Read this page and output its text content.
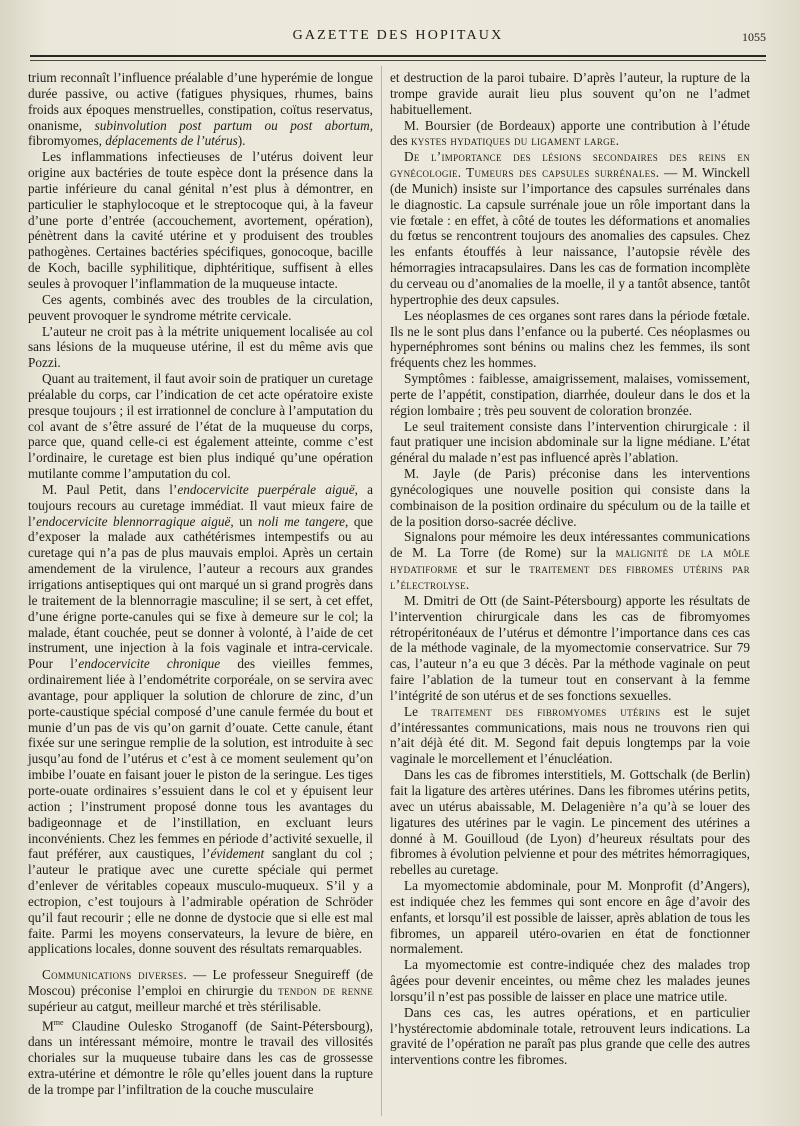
GAZETTE DES HOPITAUX	1055

trium reconnaît l’influence préalable d’une hyperémie de longue durée passive, ou active (fatigues physiques, rhumes, bains froids aux époques menstruelles, constipation, coïtus reservatus, onanisme, subinvolution post partum ou post abortum, fibromyomes, déplacements de l’utérus).

Les inflammations infectieuses de l’utérus doivent leur origine aux bactéries de toute espèce dont la présence dans la partie inférieure du canal génital n’est plus à démontrer, en particulier le staphylocoque et le streptocoque qui, à la faveur d’une porte d’entrée (accouchement, avortement, opération), pénètrent dans la cavité utérine et y produisent des troubles pathogènes. Certaines bactéries spécifiques, gonocoque, bacille de Koch, bacille syphilitique, diphtéritique, suffisent à elles seules à provoquer l’inflammation de la muqueuse intacte.

Ces agents, combinés avec des troubles de la circulation, peuvent provoquer le syndrome métrite cervicale.

L’auteur ne croit pas à la métrite uniquement localisée au col sans lésions de la muqueuse utérine, il est du même avis que Pozzi.

Quant au traitement, il faut avoir soin de pratiquer un curetage préalable du corps, car l’indication de cet acte opératoire existe presque toujours ; il est irrationnel de conclure à l’amputation du col avant de s’être assuré de l’état de la muqueuse du corps, parce que, quand celle-ci est également atteinte, comme c’est l’ordinaire, le curetage est bien plus indiqué qu’une opération mutilante comme l’amputation du col.

M. Paul Petit, dans l’endocervicite puerpérale aiguë, a toujours recours au curetage immédiat. Il vaut mieux faire de l’endocervicite blennorragique aiguë, un noli me tangere, que d’exposer la malade aux cathétérismes intempestifs ou au curetage qui n’a pas de plus mauvais emploi. Après un certain amendement de la virulence, l’auteur a recours aux grandes irrigations antiseptiques qui ont marqué un si grand progrès dans le traitement de la blennorragie masculine; il se sert, à cet effet, d’une érigne porte-canules qui se fixe à demeure sur le col; la malade, étant couchée, peut se donner à volonté, à l’aide de cet instrument, une injection à la fois vaginale et intra-cervicale. Pour l’endocervicite chronique des vieilles femmes, ordinairement liée à l’endométrite corporéale, on se servira avec avantage, pour appliquer la solution de chlorure de zinc, d’un porte-caustique spécial composé d’une canule fermée du bout et munie d’un pas de vis qu’on garnit d’ouate. Cette canule, étant fixée sur une seringue remplie de la solution, est introduite à sec jusqu’au fond de l’utérus et c’est à ce moment seulement qu’on imbibe l’ouate en faisant jouer le piston de la seringue. Les tiges porte-ouate ordinaires s’essuient dans le col et y épuisent leur action ; l’instrument proposé donne tous les avantages du badigeonnage et de l’instillation, en excluant leurs inconvénients. Chez les femmes en période d’activité sexuelle, il faut préférer, aux caustiques, l’évidement sanglant du col ; l’auteur le pratique avec une curette spéciale qui permet d’enlever de véritables copeaux musculo-muqueux. S’il y a ectropion, c’est toujours à l’admirable opération de Schröder qu’il faut recourir ; elle ne donne de dystocie que si elle est mal faite. Parmi les moyens conservateurs, la levure de bière, en applications locales, donne souvent des résultats remarquables.

Communications diverses. — Le professeur Sneguireff (de Moscou) préconise l’emploi en chirurgie du tendon de renne supérieur au catgut, meilleur marché et très stérilisable.

$M^{me}$ Claudine Oulesko Stroganoff (de Saint-Pétersbourg), dans un intéressant mémoire, montre le travail des villosités choriales sur la muqueuse tubaire dans les cas de grossesse extra-utérine et démontre le rôle qu’elles jouent dans la rupture de la trompe par l’infiltration de la couche musculaire

et destruction de la paroi tubaire. D’après l’auteur, la rupture de la trompe gravide aurait lieu plus souvent qu’on ne l’admet habituellement.

M. Boursier (de Bordeaux) apporte une contribution à l’étude des kystes hydatiques du ligament large.

De l’importance des lésions secondaires des reins en gynécologie. Tumeurs des capsules surrénales. — M. Winckell (de Munich) insiste sur l’importance des capsules surrénales dans le diagnostic. La capsule surrénale joue un rôle important dans la vie fœtale : en effet, à côté de toutes les déformations et anomalies du fœtus se rencontrent toujours des anomalies des capsules. Chez les enfants étouffés à leur naissance, l’autopsie révèle des hémorragies intracapsulaires. Dans les cas de formation incomplète du cerveau ou d’anomalies de la moelle, il y a tantôt absence, tantôt hypertrophie des deux capsules.

Les néoplasmes de ces organes sont rares dans la période fœtale. Ils ne le sont plus dans l’enfance ou la puberté. Ces néoplasmes ou hypernéphromes sont bénins ou malins chez les femmes, ils sont fréquents chez les hommes.

Symptômes : faiblesse, amaigrissement, malaises, vomissement, perte de l’appétit, constipation, diarrhée, douleur dans le dos et la région lombaire ; très peu souvent de coloration bronzée.

Le seul traitement consiste dans l’intervention chirurgicale : il faut pratiquer une incision abdominale sur la ligne médiane. L’état général du malade n’est pas influencé après l’ablation.

M. Jayle (de Paris) préconise dans les interventions gynécologiques une nouvelle position qui consiste dans la combinaison de la position ordinaire du spéculum ou de la taille et de la position dorso-sacrée déclive.

Signalons pour mémoire les deux intéressantes communications de M. La Torre (de Rome) sur la malignité de la môle hydatiforme et sur le traitement des fibromes utérins par l’électrolyse.

M. Dmitri de Ott (de Saint-Pétersbourg) apporte les résultats de l’intervention chirurgicale dans les cas de fibromyomes rétropéritonéaux de l’utérus et démontre l’importance dans ces cas de la méthode vaginale, de la myomectomie conservatrice. Sur 79 cas, l’auteur n’a eu que 3 décès. Par la méthode vaginale on peut faire l’ablation de la tumeur tout en conservant à la femme l’intégrité de son utérus et de ses fonctions sexuelles.

Le traitement des fibromyomes utérins est le sujet d’intéressantes communications, mais nous ne trouvons rien qui n’ait déjà été dit. M. Segond fait depuis longtemps par la voie vaginale le morcellement et l’énucléation.

Dans les cas de fibromes interstitiels, M. Gottschalk (de Berlin) fait la ligature des artères utérines. Dans les fibromes utérins petits, avec un utérus abaissable, M. Delagenière n’a qu’à se louer des ligatures des utérines par le vagin. Le pincement des utérines a donné à M. Gouilloud (de Lyon) d’heureux résultats pour des fibromes à évolution pelvienne et pour des métrites hémorragiques, rebelles au curetage.

La myomectomie abdominale, pour M. Monprofit (d’Angers), est indiquée chez les femmes qui sont encore en âge d’avoir des enfants, et lorsqu’il est possible de laisser, après ablation de tous les fibromes, un appareil utéro-ovarien en état de fonctionner normalement.

La myomectomie est contre-indiquée chez des malades trop âgées pour devenir enceintes, ou même chez les malades jeunes lorsqu’il n’est pas possible de laisser en place une matrice utile.

Dans ces cas, les autres opérations, et en particulier l’hystérectomie abdominale totale, retrouvent leurs indications. La gravité de l’opération ne paraît pas plus grande que celle des autres interventions contre les fibromes.
